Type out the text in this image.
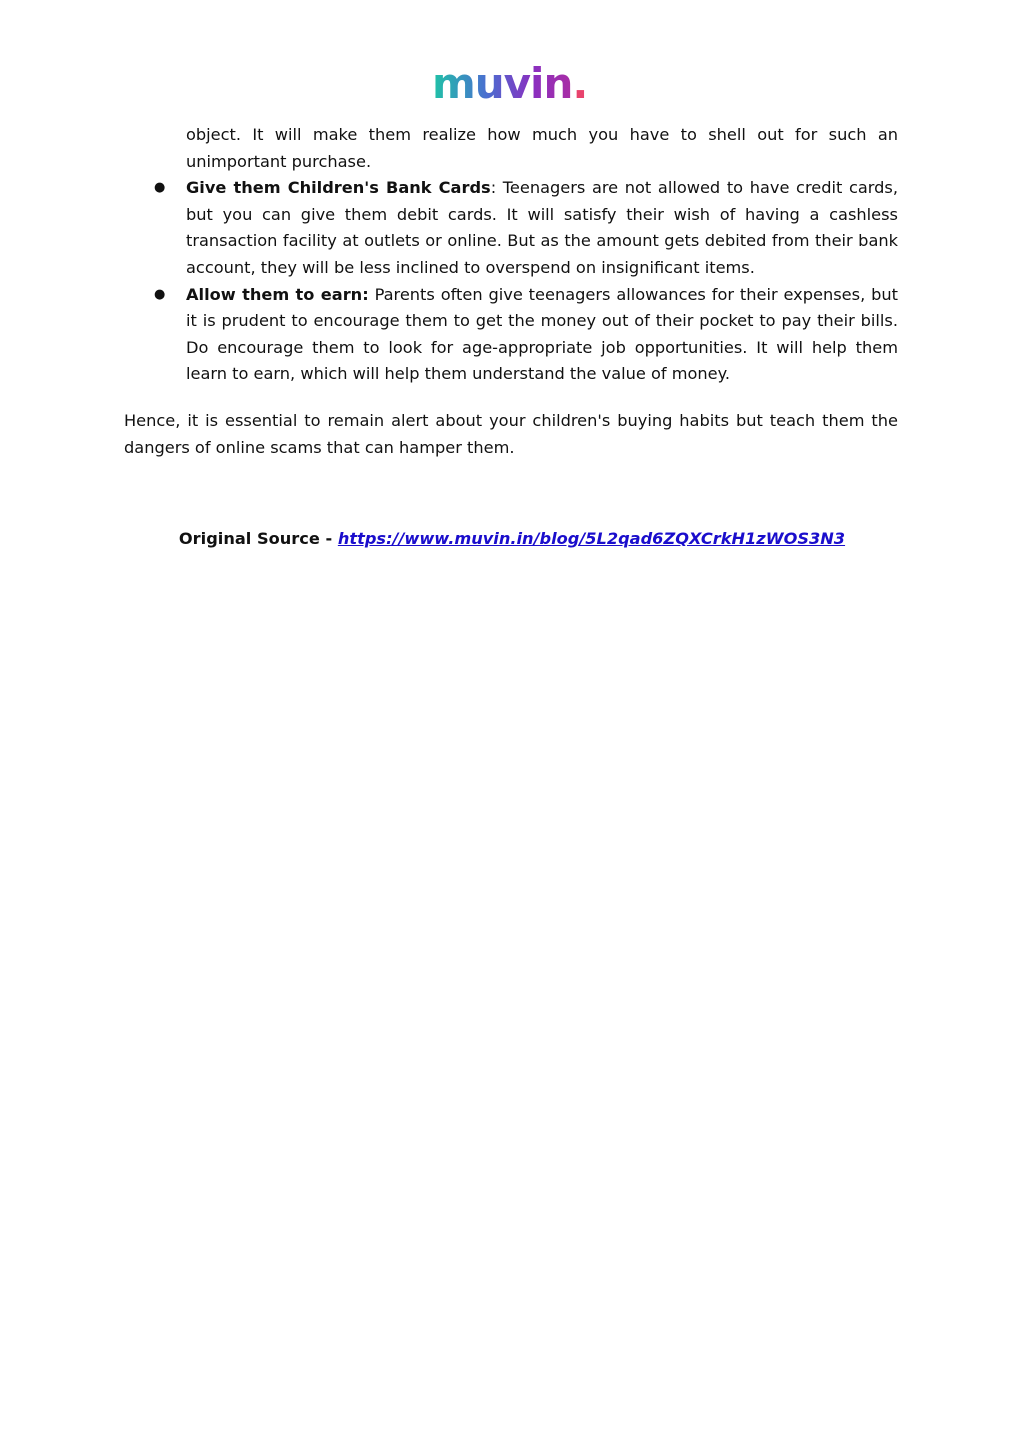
muvin.
object. It will make them realize how much you have to shell out for such an unimportant purchase.
● Give them Children's Bank Cards: Teenagers are not allowed to have credit cards, but you can give them debit cards. It will satisfy their wish of having a cashless transaction facility at outlets or online. But as the amount gets debited from their bank account, they will be less inclined to overspend on insignificant items.
● Allow them to earn: Parents often give teenagers allowances for their expenses, but it is prudent to encourage them to get the money out of their pocket to pay their bills. Do encourage them to look for age-appropriate job opportunities. It will help them learn to earn, which will help them understand the value of money.

Hence, it is essential to remain alert about your children's buying habits but teach them the dangers of online scams that can hamper them.

Original Source - https://www.muvin.in/blog/5L2qad6ZQXCrkH1zWOS3N3
